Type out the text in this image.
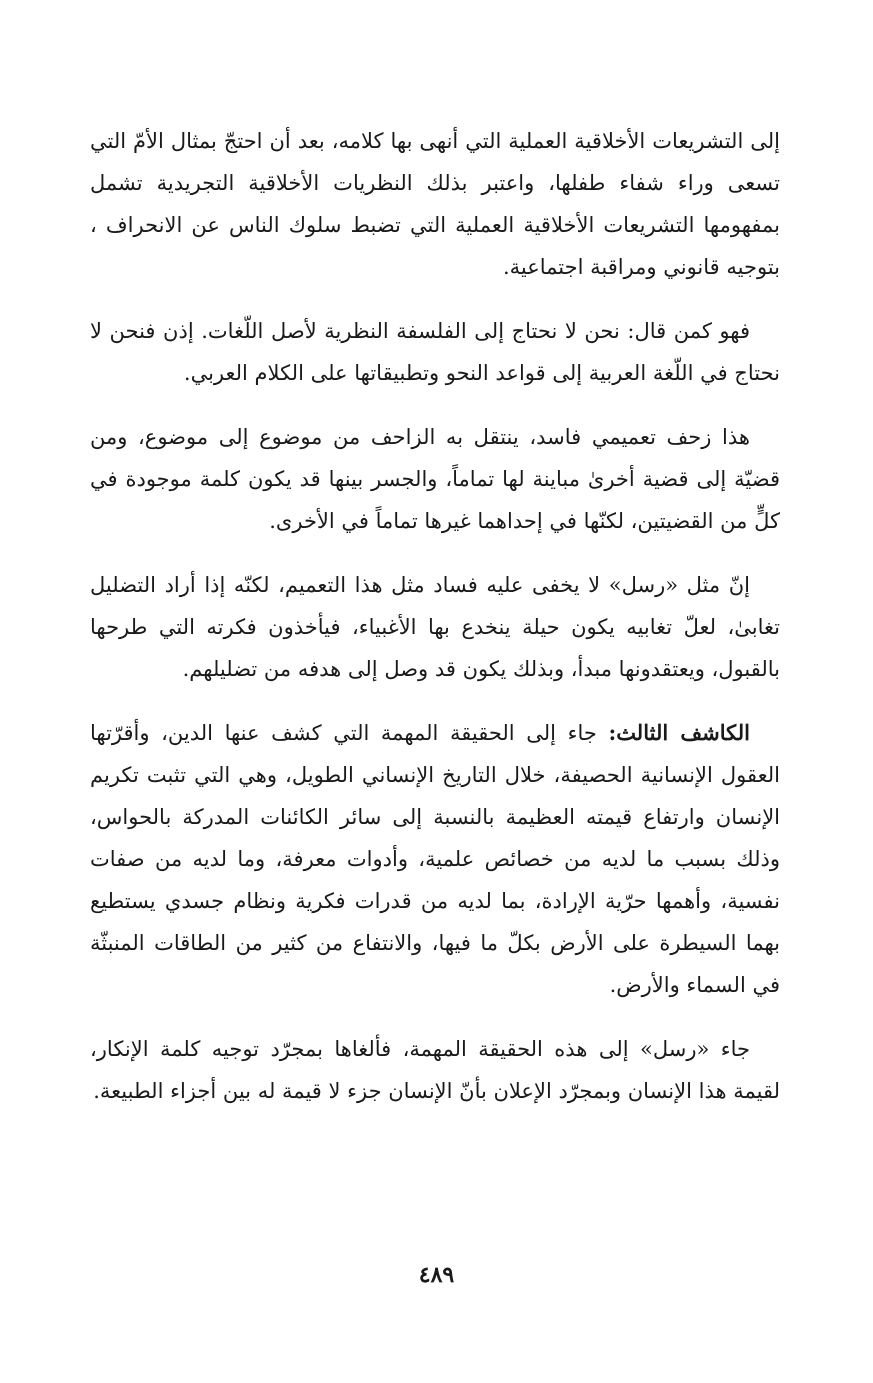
إلى التشريعات الأخلاقية العملية التي أنهى بها كلامه، بعد أن احتجّ بمثال الأمّ التي تسعى وراء شفاء طفلها، واعتبر بذلك النظريات الأخلاقية التجريدية تشمل بمفهومها التشريعات الأخلاقية العملية التي تضبط سلوك الناس عن الانحراف ، بتوجيه قانوني ومراقبة اجتماعية.

فهو كمن قال: نحن لا نحتاج إلى الفلسفة النظرية لأصل اللّغات. إذن فنحن لا نحتاج في اللّغة العربية إلى قواعد النحو وتطبيقاتها على الكلام العربي.

هذا زحف تعميمي فاسد، ينتقل به الزاحف من موضوع إلى موضوع، ومن قضيّة إلى قضية أخرىٰ مباينة لها تماماً، والجسر بينها قد يكون كلمة موجودة في كلٍّ من القضيتين، لكنّها في إحداهما غيرها تماماً في الأخرى.

إنّ مثل «رسل» لا يخفى عليه فساد مثل هذا التعميم، لكنّه إذا أراد التضليل تغابىٰ، لعلّ تغابيه يكون حيلة ينخدع بها الأغبياء، فيأخذون فكرته التي طرحها بالقبول، ويعتقدونها مبدأ، وبذلك يكون قد وصل إلى هدفه من تضليلهم.

الكاشف الثالث: جاء إلى الحقيقة المهمة التي كشف عنها الدين، وأقرّتها العقول الإنسانية الحصيفة، خلال التاريخ الإنساني الطويل، وهي التي تثبت تكريم الإنسان وارتفاع قيمته العظيمة بالنسبة إلى سائر الكائنات المدركة بالحواس، وذلك بسبب ما لديه من خصائص علمية، وأدوات معرفة، وما لديه من صفات نفسية، وأهمها حرّية الإرادة، بما لديه من قدرات فكرية ونظام جسدي يستطيع بهما السيطرة على الأرض بكلّ ما فيها، والانتفاع من كثير من الطاقات المنبثّة في السماء والأرض.

جاء «رسل» إلى هذه الحقيقة المهمة، فألغاها بمجرّد توجيه كلمة الإنكار، لقيمة هذا الإنسان وبمجرّد الإعلان بأنّ الإنسان جزء لا قيمة له بين أجزاء الطبيعة.

٤٨٩
